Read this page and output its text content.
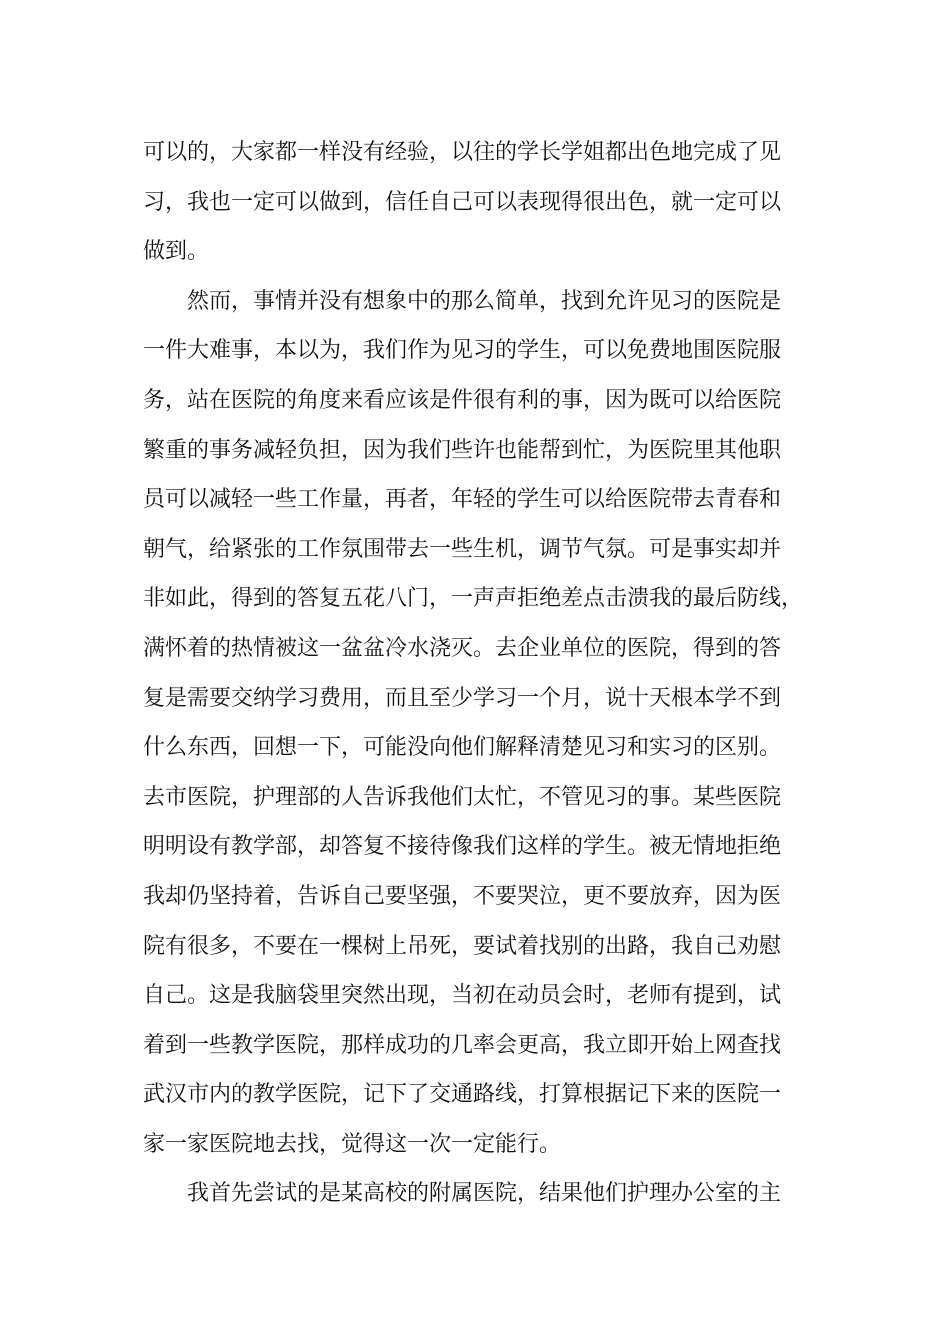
可以的，大家都一样没有经验，以往的学长学姐都出色地完成了见
习，我也一定可以做到，信任自己可以表现得很出色，就一定可以
做到。
然而，事情并没有想象中的那么简单，找到允许见习的医院是
一件大难事，本以为，我们作为见习的学生，可以免费地围医院服
务，站在医院的角度来看应该是件很有利的事，因为既可以给医院
繁重的事务减轻负担，因为我们些许也能帮到忙，为医院里其他职
员可以减轻一些工作量，再者，年轻的学生可以给医院带去青春和
朝气，给紧张的工作氛围带去一些生机，调节气氛。可是事实却并
非如此，得到的答复五花八门，一声声拒绝差点击溃我的最后防线，
满怀着的热情被这一盆盆冷水浇灭。去企业单位的医院，得到的答
复是需要交纳学习费用，而且至少学习一个月，说十天根本学不到
什么东西，回想一下，可能没向他们解释清楚见习和实习的区别。
去市医院，护理部的人告诉我他们太忙，不管见习的事。某些医院
明明设有教学部，却答复不接待像我们这样的学生。被无情地拒绝
我却仍坚持着，告诉自己要坚强，不要哭泣，更不要放弃，因为医
院有很多，不要在一棵树上吊死，要试着找别的出路，我自己劝慰
自己。这是我脑袋里突然出现，当初在动员会时，老师有提到，试
着到一些教学医院，那样成功的几率会更高，我立即开始上网查找
武汉市内的教学医院，记下了交通路线，打算根据记下来的医院一
家一家医院地去找，觉得这一次一定能行。
我首先尝试的是某高校的附属医院，结果他们护理办公室的主
